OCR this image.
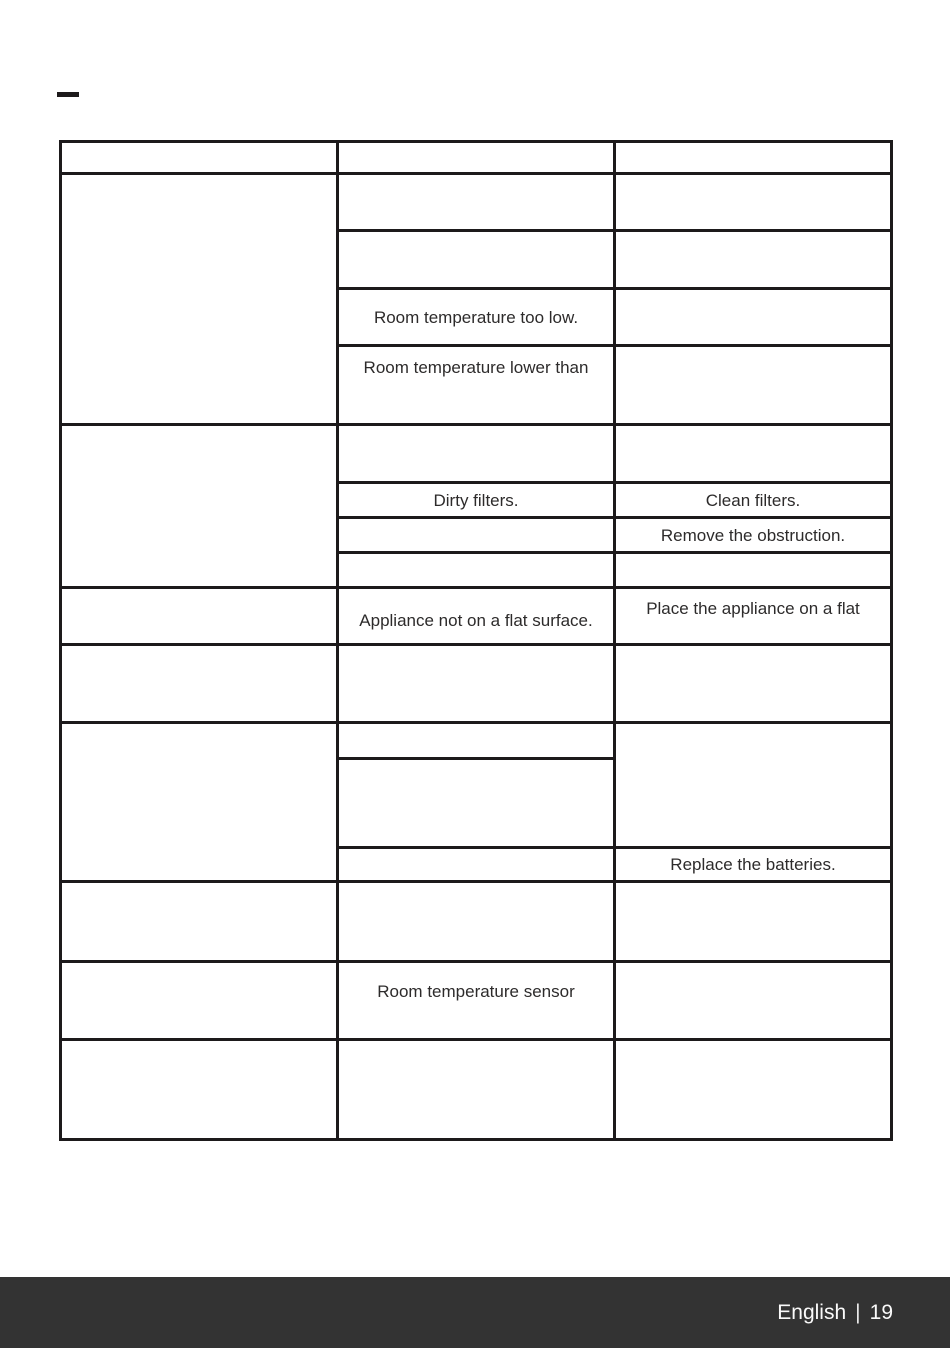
Room temperature too low.
Room temperature lower than
Dirty filters.	Clean filters.
Remove the obstruction.
Appliance not on a flat surface.
Place the appliance on a flat
Replace the batteries.
Room temperature sensor
English | 19
